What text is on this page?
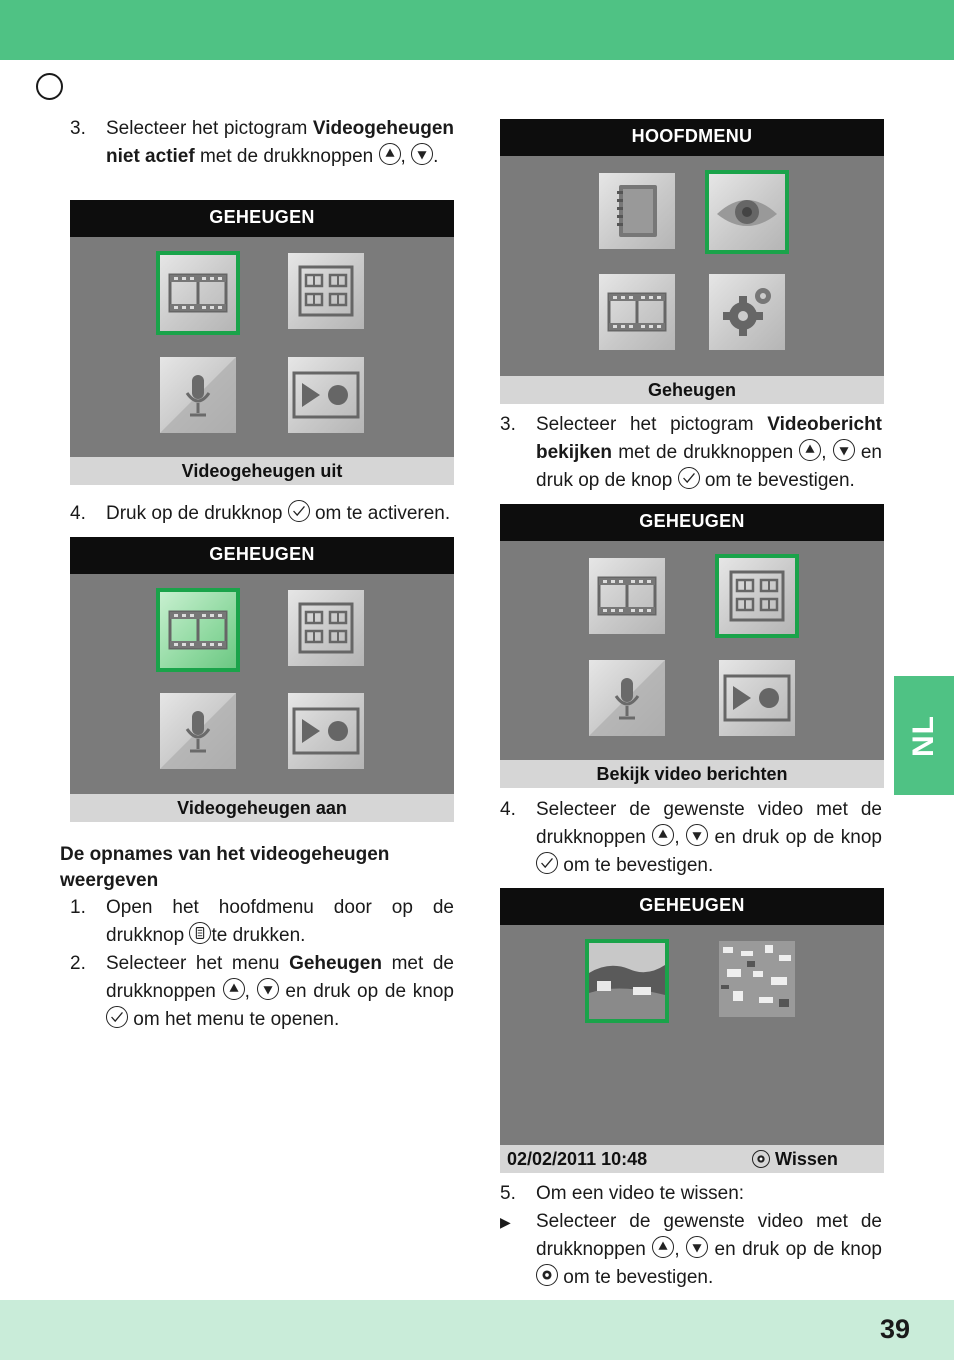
3. Selecteer het pictogram Videogeheugen niet actief met de drukknoppen
,
.

GEHEUGEN
Videogeheugen uit

4. Druk op de drukknop
om te activeren.

GEHEUGEN
Videogeheugen aan

De opnames van het videogeheugen weergeven

1. Open het hoofdmenu door op de drukknop
te drukken.

2. Selecteer het menu Geheugen met de drukknoppen
,
en druk op de knop
om het menu te openen.

HOOFDMENU
Geheugen

3. Selecteer het pictogram Videobericht bekijken met de drukknoppen
,
en druk op de knop
om te bevestigen.

GEHEUGEN
Bekijk video berichten

4. Selecteer de gewenste video met de drukknoppen
,
en druk op de knop
om te bevestigen.

GEHEUGEN
02/02/2011 10:48	Wissen

5. Om een video te wissen:

▶ Selecteer de gewenste video met de drukknoppen
,
en druk op de knop
om te bevestigen.

NL
39
